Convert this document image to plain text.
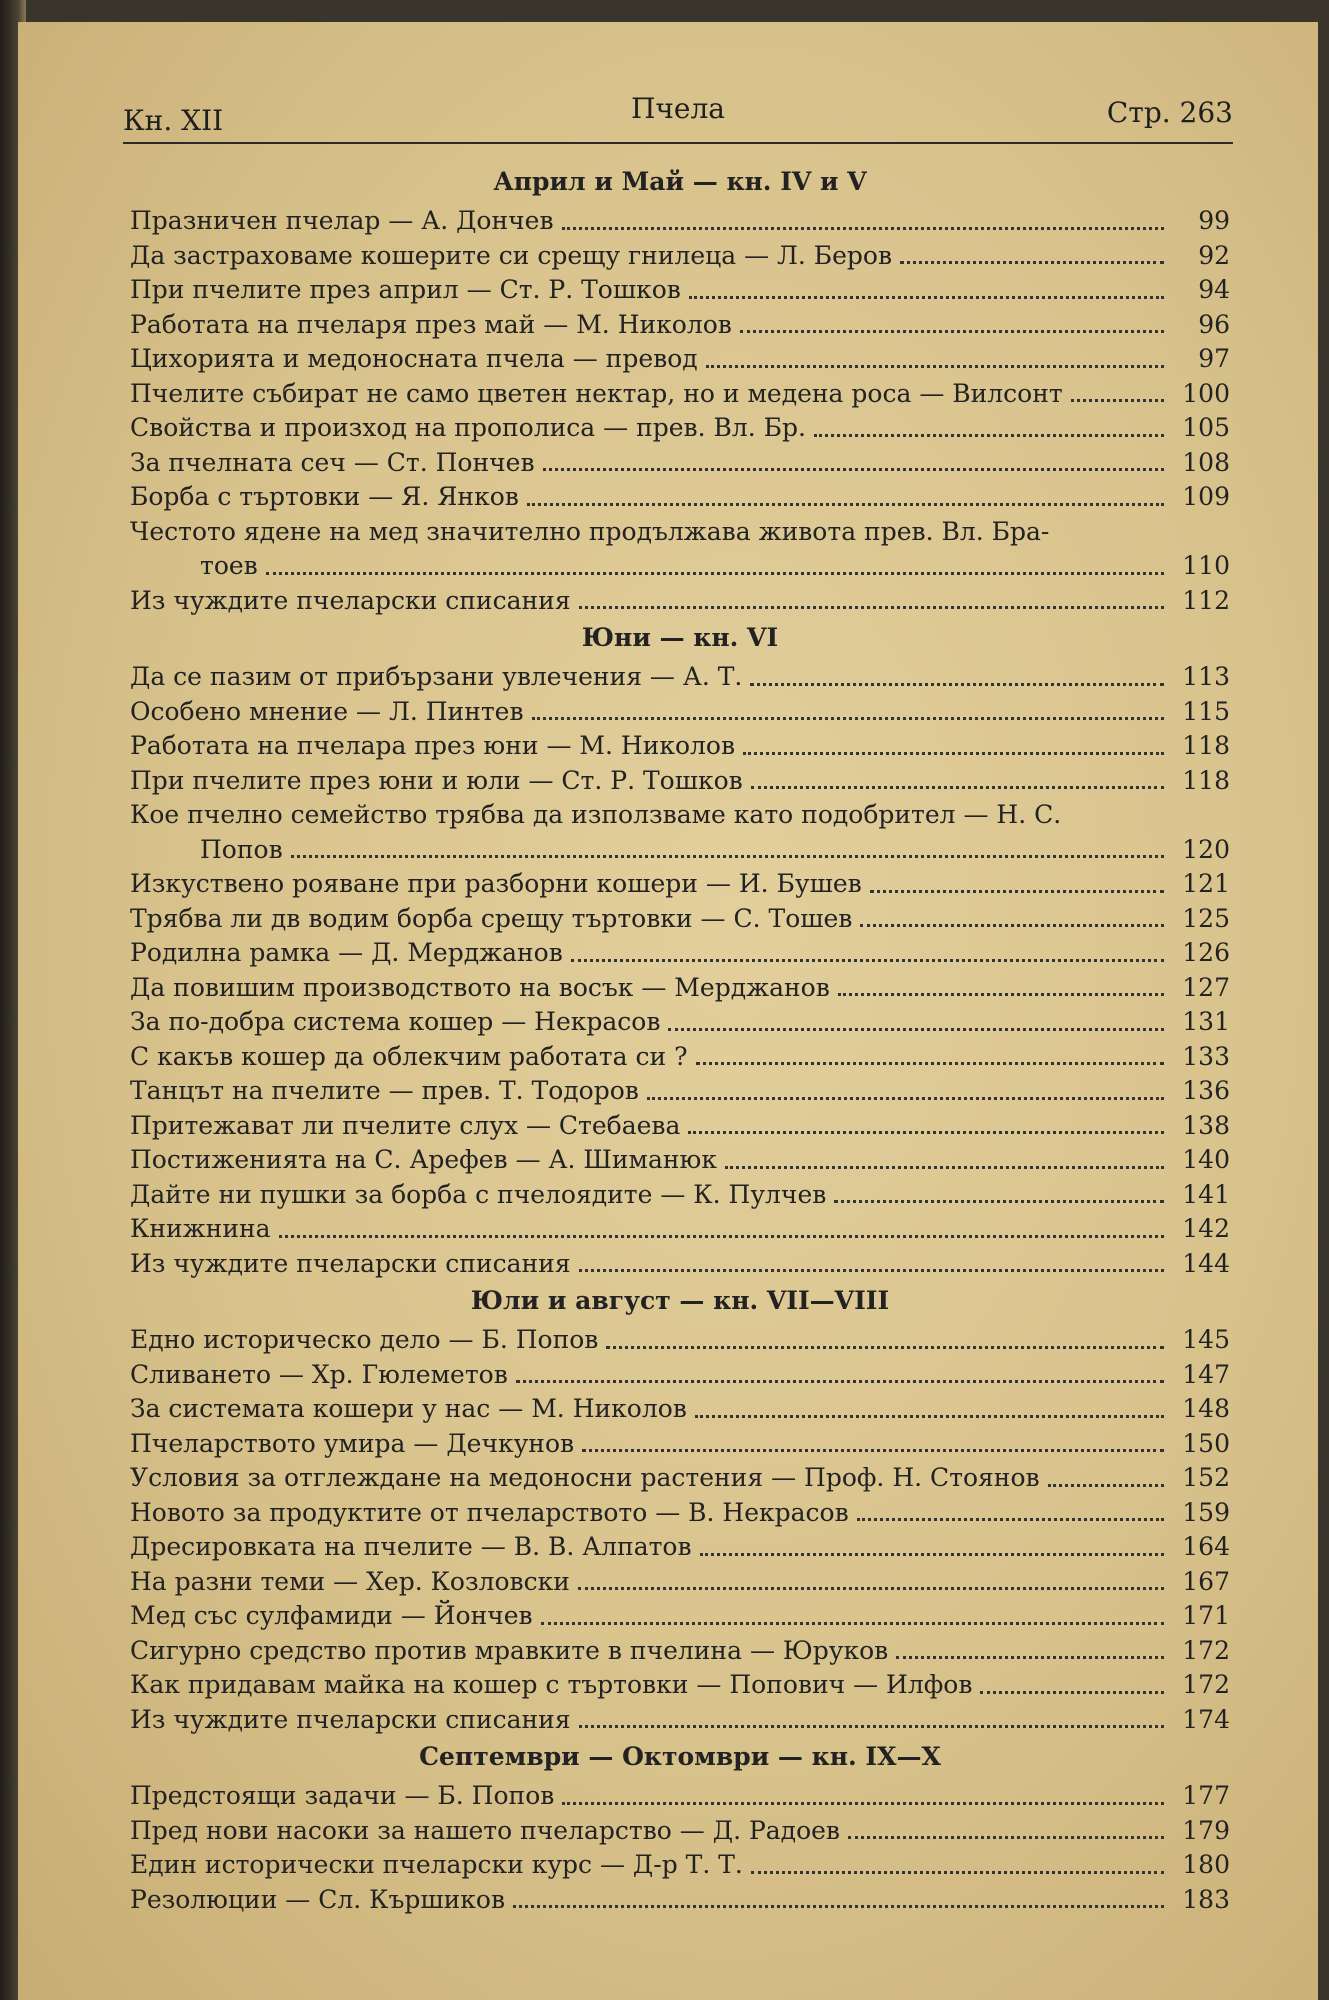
Кн. XII	Пчела	Стр. 263
Април и Май — кн. IV и V
Празничен пчелар — А. Дончев	99
Да застраховаме кошерите си срещу гнилеца — Л. Беров	92
При пчелите през април — Ст. Р. Тошков	94
Работата на пчеларя през май — М. Николов	96
Цихорията и медоносната пчела — превод	97
Пчелите събират не само цветен нектар, но и медена роса — Вилсонт	100
Свойства и произход на прополиса — прев. Вл. Бр.	105
За пчелната сеч — Ст. Пончев	108
Борба с търтовки — Я. Янков	109
Честото ядене на мед значително продължава живота прев. Вл. Бра-
тоев	110
Из чуждите пчеларски списания	112
Юни — кн. VI
Да се пазим от прибързани увлечения — А. Т.	113
Особено мнение — Л. Пинтев	115
Работата на пчелара през юни — М. Николов	118
При пчелите през юни и юли — Ст. Р. Тошков	118
Кое пчелно семейство трябва да използваме като подобрител — Н. С.
Попов	120
Изкуствено рояване при разборни кошери — И. Бушев	121
Трябва ли дв водим борба срещу търтовки — С. Тошев	125
Родилна рамка — Д. Мерджанов	126
Да повишим производството на восък — Мерджанов	127
За по-добра система кошер — Некрасов	131
С какъв кошер да облекчим работата си ?	133
Танцът на пчелите — прев. Т. Тодоров	136
Притежават ли пчелите слух — Стебаева	138
Постиженията на С. Арефев — А. Шиманюк	140
Дайте ни пушки за борба с пчелоядите — К. Пулчев	141
Книжнина	142
Из чуждите пчеларски списания	144
Юли и август — кн. VII—VIII
Едно историческо дело — Б. Попов	145
Сливането — Хр. Гюлеметов	147
За системата кошери у нас — М. Николов	148
Пчеларството умира — Дечкунов	150
Условия за отглеждане на медоносни растения — Проф. Н. Стоянов	152
Новото за продуктите от пчеларството — В. Некрасов	159
Дресировката на пчелите — В. В. Алпатов	164
На разни теми — Хер. Козловски	167
Мед със сулфамиди — Йончев	171
Сигурно средство против мравките в пчелина — Юруков	172
Как придавам майка на кошер с търтовки — Попович — Илфов	172
Из чуждите пчеларски списания	174
Септември — Октомври — кн. IX—X
Предстоящи задачи — Б. Попов	177
Пред нови насоки за нашето пчеларство — Д. Радоев	179
Един исторически пчеларски курс — Д-р Т. Т.	180
Резолюции — Сл. Кършиков	183
